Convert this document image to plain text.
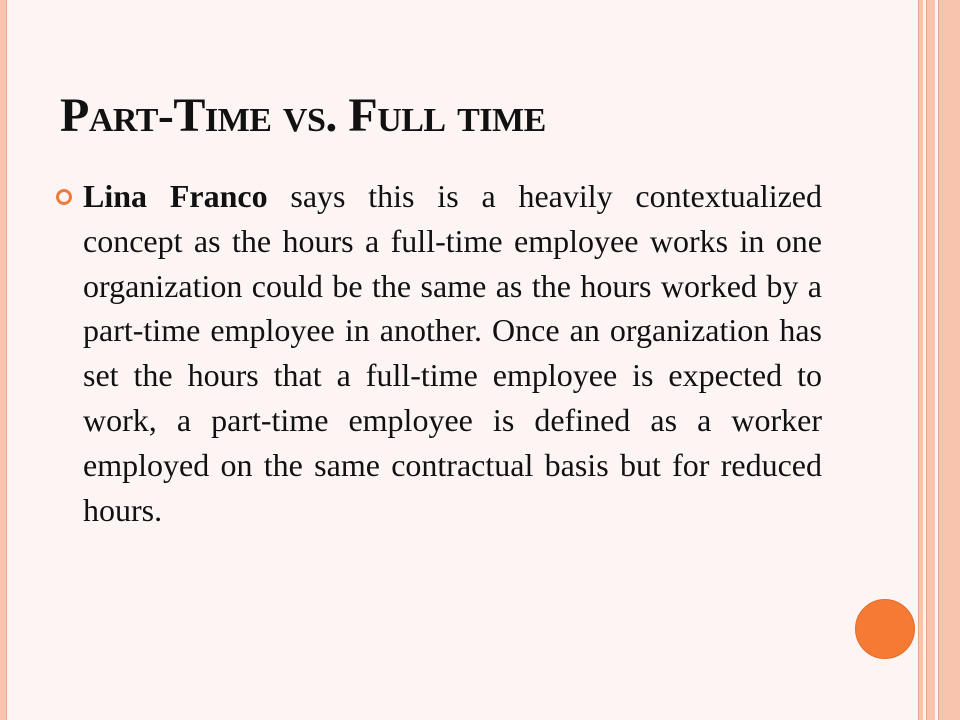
Part-Time vs. Full time

Lina Franco says this is a heavily contextualized concept as the hours a full-time employee works in one organization could be the same as the hours worked by a part-time employee in another. Once an organization has set the hours that a full-time employee is expected to work, a part-time employee is defined as a worker employed on the same contractual basis but for reduced hours.
